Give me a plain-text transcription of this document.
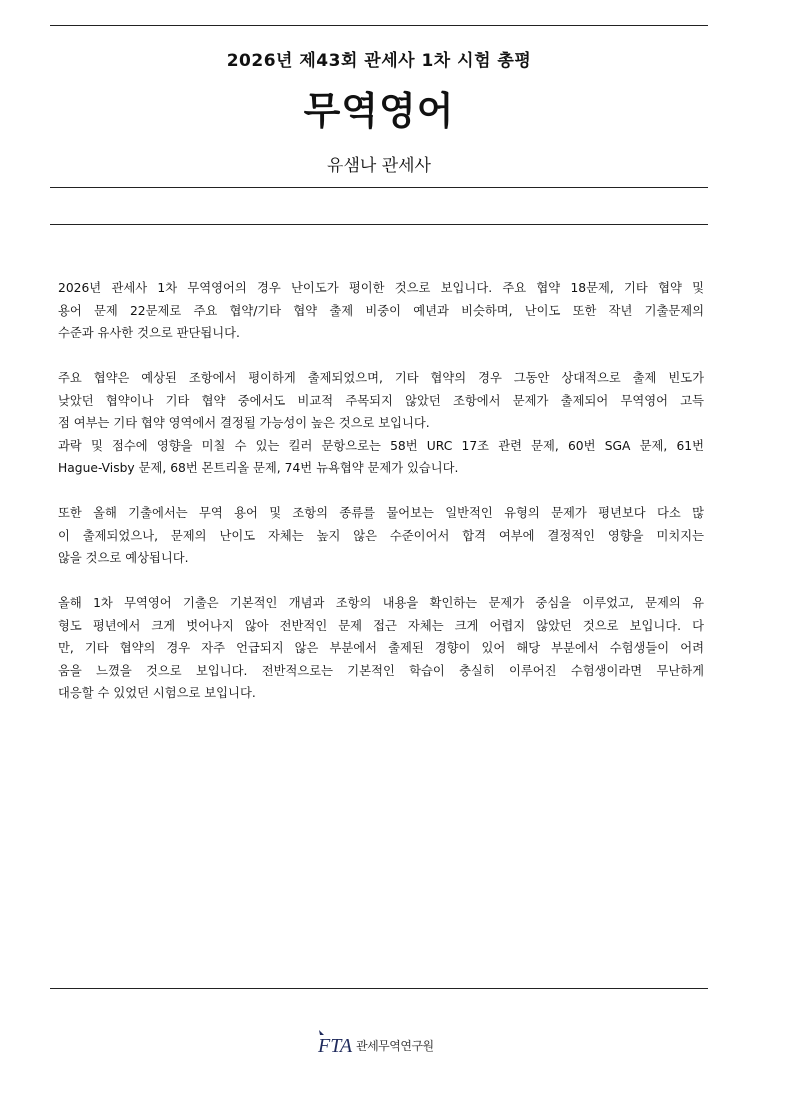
2026년 제43회 관세사 1차 시험 총평
무역영어
유샘나 관세사

2026년 관세사 1차 무역영어의 경우 난이도가 평이한 것으로 보입니다. 주요 협약 18문제, 기타 협약 및
용어 문제 22문제로 주요 협약/기타 협약 출제 비중이 예년과 비슷하며, 난이도 또한 작년 기출문제의
수준과 유사한 것으로 판단됩니다.

주요 협약은 예상된 조항에서 평이하게 출제되었으며, 기타 협약의 경우 그동안 상대적으로 출제 빈도가
낮았던 협약이나 기타 협약 중에서도 비교적 주목되지 않았던 조항에서 문제가 출제되어 무역영어 고득
점 여부는 기타 협약 영역에서 결정될 가능성이 높은 것으로 보입니다.

과락 및 점수에 영향을 미칠 수 있는 킬러 문항으로는 58번 URC 17조 관련 문제, 60번 SGA 문제, 61번
Hague-Visby 문제, 68번 몬트리올 문제, 74번 뉴욕협약 문제가 있습니다.

또한 올해 기출에서는 무역 용어 및 조항의 종류를 물어보는 일반적인 유형의 문제가 평년보다 다소 많
이 출제되었으나, 문제의 난이도 자체는 높지 않은 수준이어서 합격 여부에 결정적인 영향을 미치지는
않을 것으로 예상됩니다.

올해 1차 무역영어 기출은 기본적인 개념과 조항의 내용을 확인하는 문제가 중심을 이루었고, 문제의 유
형도 평년에서 크게 벗어나지 않아 전반적인 문제 접근 자체는 크게 어렵지 않았던 것으로 보입니다. 다
만, 기타 협약의 경우 자주 언급되지 않은 부분에서 출제된 경향이 있어 해당 부분에서 수험생들이 어려
움을 느꼈을 것으로 보입니다. 전반적으로는 기본적인 학습이 충실히 이루어진 수험생이라면 무난하게
대응할 수 있었던 시험으로 보입니다.

FTA 관세무역연구원
